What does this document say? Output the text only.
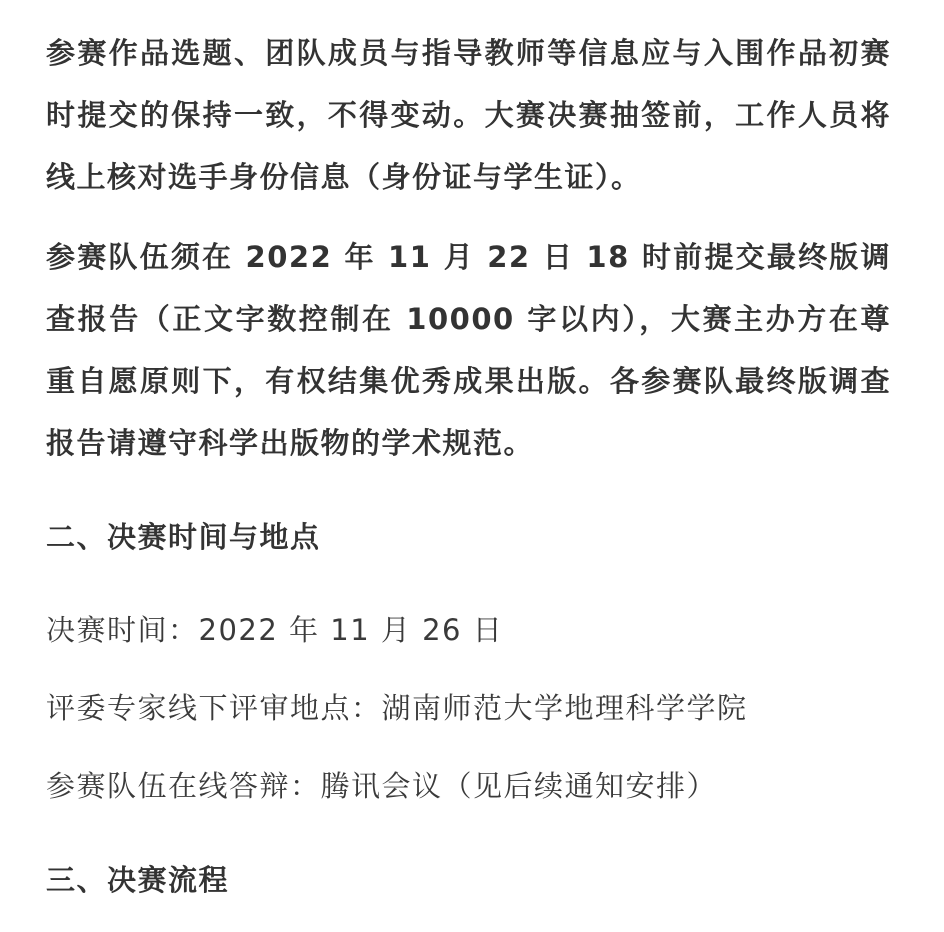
参赛作品选题、团队成员与指导教师等信息应与入围作品初赛时提交的保持一致，不得变动。大赛决赛抽签前，工作人员将线上核对选手身份信息（身份证与学生证）。

参赛队伍须在 2022 年 11 月 22 日 18 时前提交最终版调查报告（正文字数控制在 10000 字以内），大赛主办方在尊重自愿原则下，有权结集优秀成果出版。各参赛队最终版调查报告请遵守科学出版物的学术规范。

二、决赛时间与地点

决赛时间：2022 年 11 月 26 日

评委专家线下评审地点：湖南师范大学地理科学学院

参赛队伍在线答辩：腾讯会议（见后续通知安排）

三、决赛流程
